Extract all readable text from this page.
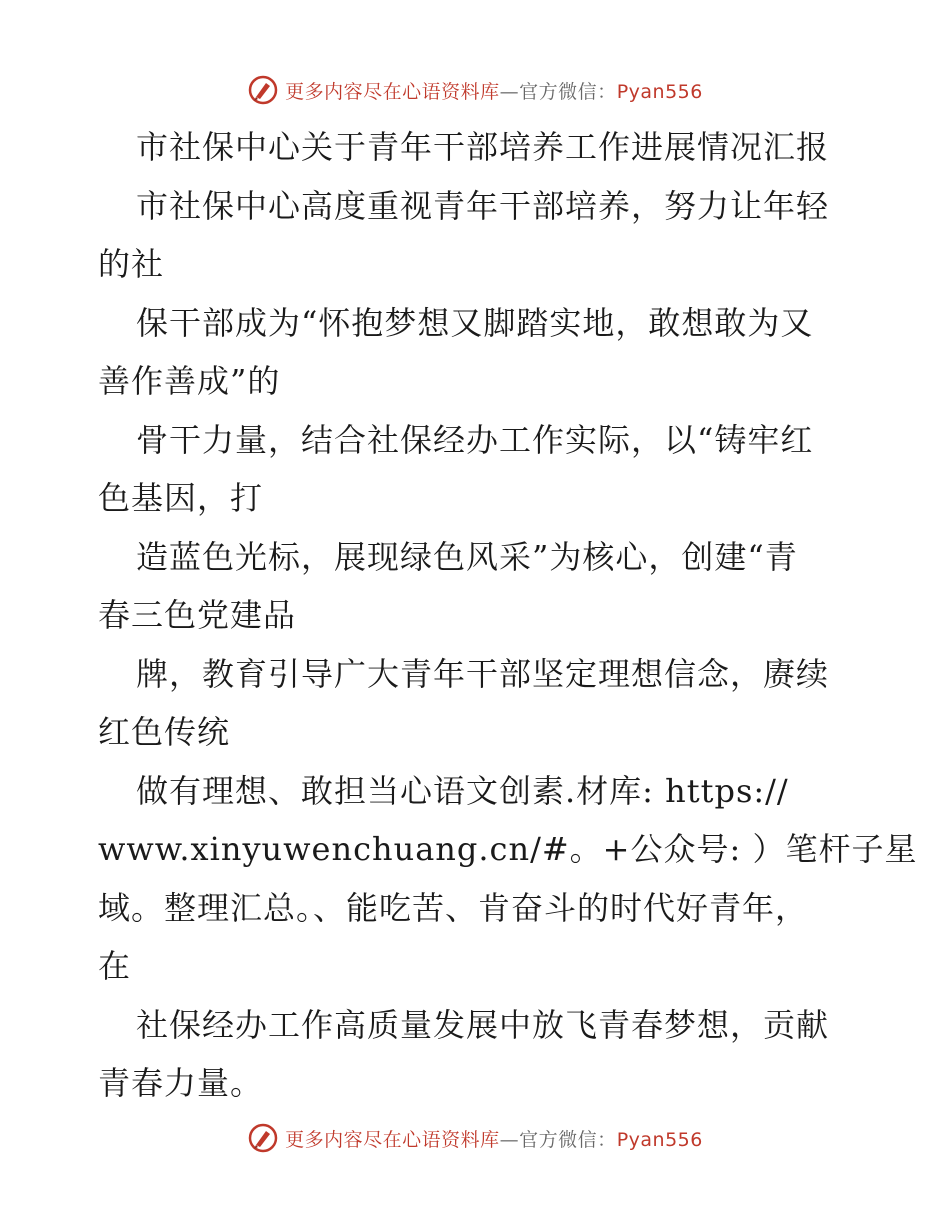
更多内容尽在心语资料库—官方微信：Pyan556
市社保中心关于青年干部培养工作进展情况汇报
市社保中心高度重视青年干部培养，努力让年轻
的社
保干部成为“怀抱梦想又脚踏实地，敢想敢为又
善作善成”的
骨干力量，结合社保经办工作实际，以“铸牢红
色基因，打
造蓝色光标，展现绿色风采”为核心，创建“青
春三色党建品
牌，教育引导广大青年干部坚定理想信念，赓续
红色传统
做有理想、敢担当心语文创素.材库: https://
www.xinyuwenchuang.cn/#。+公众号: ）笔杆子星
域。整理汇总。、能吃苦、肯奋斗的时代好青年，
在
社保经办工作高质量发展中放飞青春梦想，贡献
青春力量。
更多内容尽在心语资料库—官方微信：Pyan556
